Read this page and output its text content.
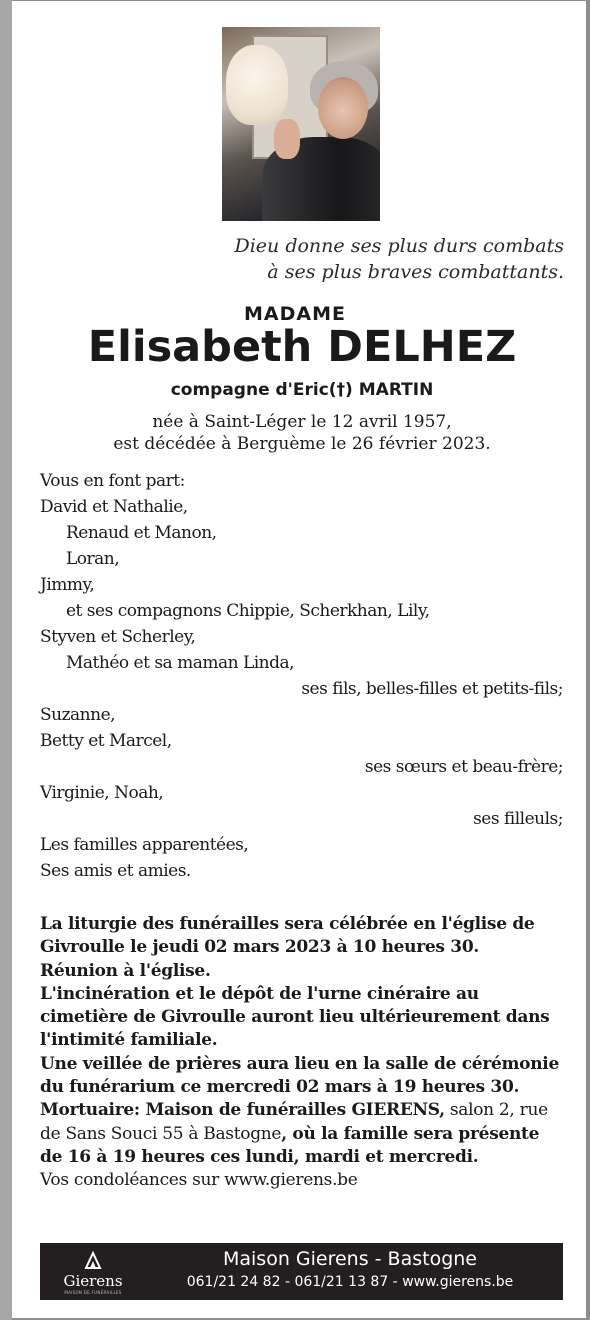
Dieu donne ses plus durs combats
à ses plus braves combattants.
MADAME
Elisabeth DELHEZ
compagne d'Eric(†) MARTIN
née à Saint-Léger le 12 avril 1957,
est décédée à Berguème le 26 février 2023.
Vous en font part:
David et Nathalie,
Renaud et Manon,
Loran,
Jimmy,
et ses compagnons Chippie, Scherkhan, Lily,
Styven et Scherley,
Mathéo et sa maman Linda,
ses fils, belles-filles et petits-fils;
Suzanne,
Betty et Marcel,
ses sœurs et beau-frère;
Virginie, Noah,
ses filleuls;
Les familles apparentées,
Ses amis et amies.

La liturgie des funérailles sera célébrée en l'église de Givroulle le jeudi 02 mars 2023 à 10 heures 30.

Réunion à l'église.

L'incinération et le dépôt de l'urne cinéraire au cimetière de Givroulle auront lieu ultérieurement dans l'intimité familiale.

Une veillée de prières aura lieu en la salle de cérémonie du funérarium ce mercredi 02 mars à 19 heures 30.

Mortuaire: Maison de funérailles GIERENS, salon 2, rue de Sans Souci 55 à Bastogne, où la famille sera présente de 16 à 19 heures ces lundi, mardi et mercredi.

Vos condoléances sur www.gierens.be

Gierens
MAISON DE FUNÉRAILLES
Maison Gierens - Bastogne
061/21 24 82 - 061/21 13 87 - www.gierens.be
